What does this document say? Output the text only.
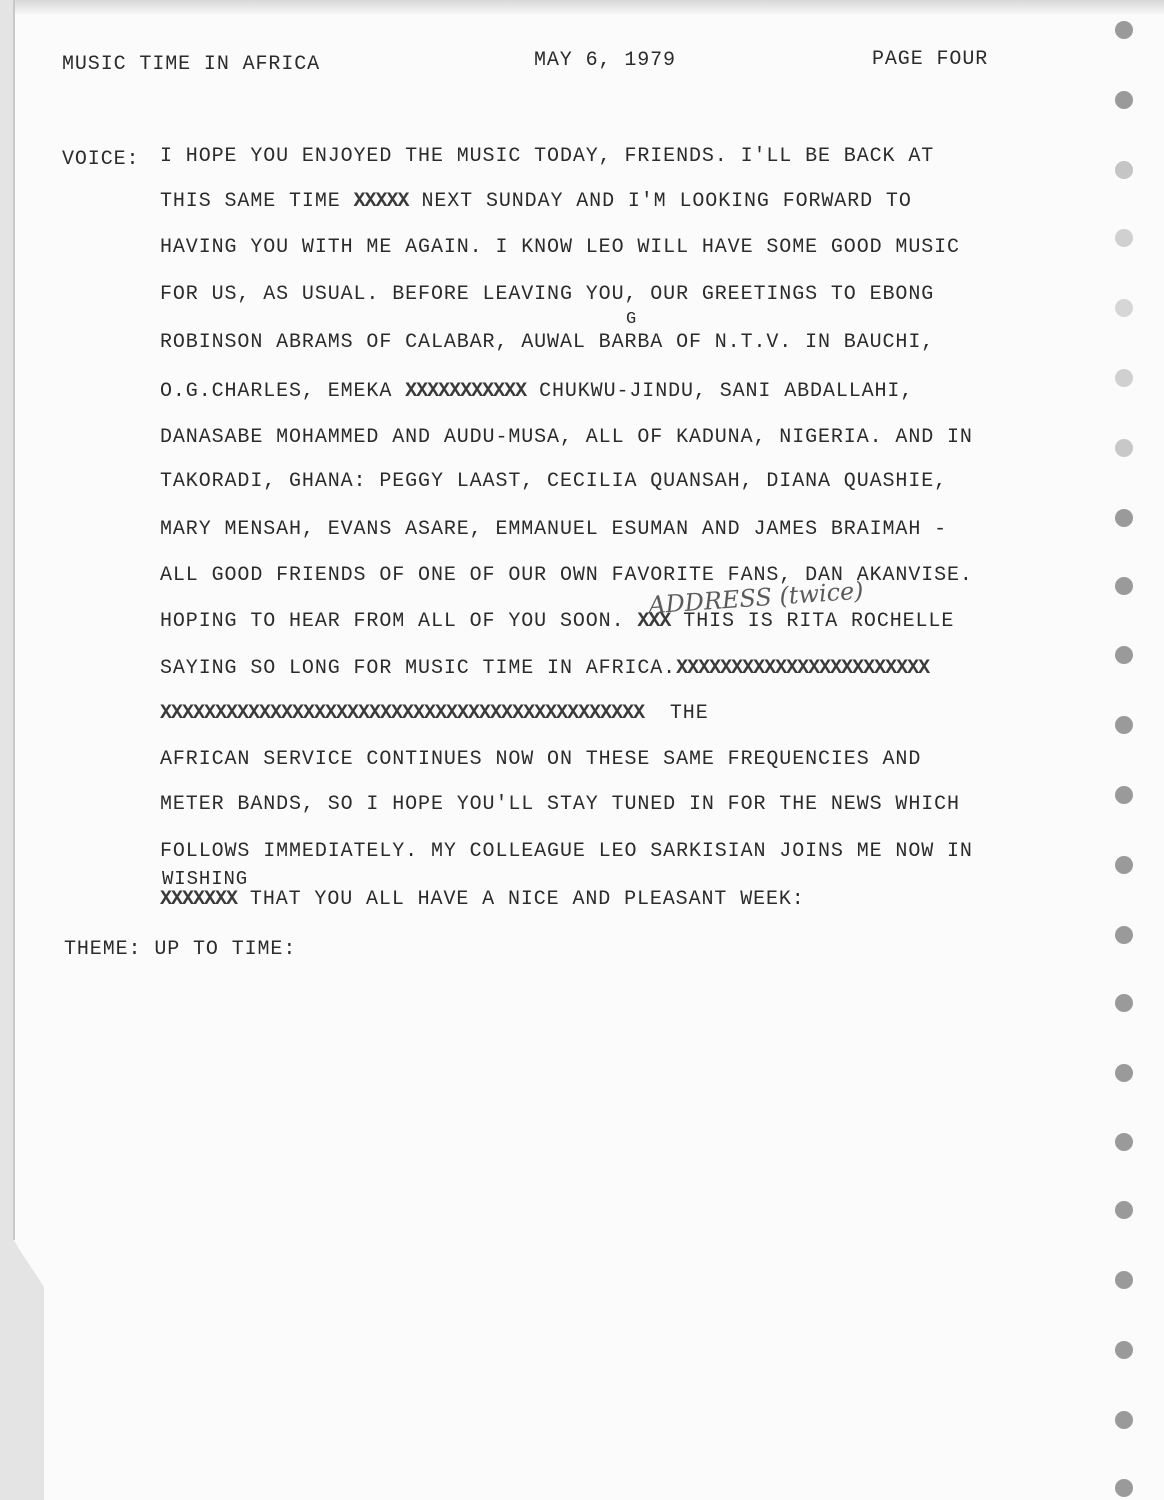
MUSIC TIME IN AFRICA	MAY 6, 1979	PAGE FOUR
VOICE: I HOPE YOU ENJOYED THE MUSIC TODAY, FRIENDS. I'LL BE BACK AT
THIS SAME TIME XXXXX NEXT SUNDAY AND I'M LOOKING FORWARD TO
HAVING YOU WITH ME AGAIN. I KNOW LEO WILL HAVE SOME GOOD MUSIC
FOR US, AS USUAL. BEFORE LEAVING YOU, OUR GREETINGS TO EBONG
G
ROBINSON ABRAMS OF CALABAR, AUWAL BARBA OF N.T.V. IN BAUCHI,
O.G.CHARLES, EMEKA XXXXXXXXXXX CHUKWU-JINDU, SANI ABDALLAHI,
DANASABE MOHAMMED AND AUDU-MUSA, ALL OF KADUNA, NIGERIA. AND IN
TAKORADI, GHANA: PEGGY LAAST, CECILIA QUANSAH, DIANA QUASHIE,
MARY MENSAH, EVANS ASARE, EMMANUEL ESUMAN AND JAMES BRAIMAH -
ALL GOOD FRIENDS OF ONE OF OUR OWN FAVORITE FANS, DAN AKANVISE.
ADDRESS (twice)
HOPING TO HEAR FROM ALL OF YOU SOON. XXX THIS IS RITA ROCHELLE
SAYING SO LONG FOR MUSIC TIME IN AFRICA.XXXXXXXXXXXXXXXXXXXXXXX
XXXXXXXXXXXXXXXXXXXXXXXXXXXXXXXXXXXXXXXXXXXX  THE
AFRICAN SERVICE CONTINUES NOW ON THESE SAME FREQUENCIES AND
METER BANDS, SO I HOPE YOU'LL STAY TUNED IN FOR THE NEWS WHICH
FOLLOWS IMMEDIATELY. MY COLLEAGUE LEO SARKISIAN JOINS ME NOW IN
WISHING
XXXXXXX THAT YOU ALL HAVE A NICE AND PLEASANT WEEK:
THEME: UP TO TIME:
